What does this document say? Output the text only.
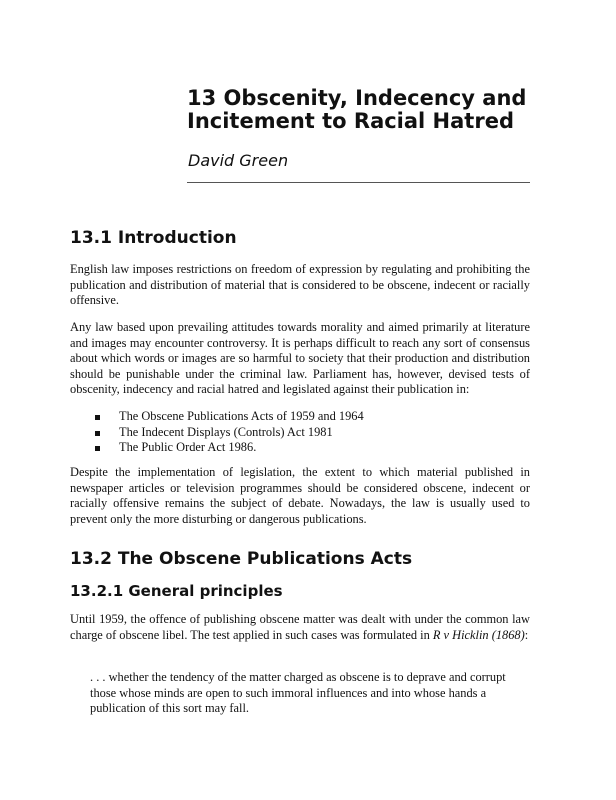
13 Obscenity, Indecency and Incitement to Racial Hatred

David Green

13.1 Introduction

English law imposes restrictions on freedom of expression by regulating and prohibiting the publication and distribution of material that is considered to be obscene, indecent or racially offensive.

Any law based upon prevailing attitudes towards morality and aimed primarily at literature and images may encounter controversy. It is perhaps difficult to reach any sort of consensus about which words or images are so harmful to society that their production and distribution should be punishable under the criminal law. Parliament has, however, devised tests of obscenity, indecency and racial hatred and legislated against their publication in:

The Obscene Publications Acts of 1959 and 1964
The Indecent Displays (Controls) Act 1981
The Public Order Act 1986.

Despite the implementation of legislation, the extent to which material published in newspaper articles or television programmes should be considered obscene, indecent or racially offensive remains the subject of debate. Nowadays, the law is usually used to prevent only the more disturbing or dangerous publications.

13.2 The Obscene Publications Acts
13.2.1 General principles

Until 1959, the offence of publishing obscene matter was dealt with under the common law charge of obscene libel. The test applied in such cases was formulated in R v Hicklin (1868):

. . . whether the tendency of the matter charged as obscene is to deprave and corrupt those whose minds are open to such immoral influences and into whose hands a publication of this sort may fall.
